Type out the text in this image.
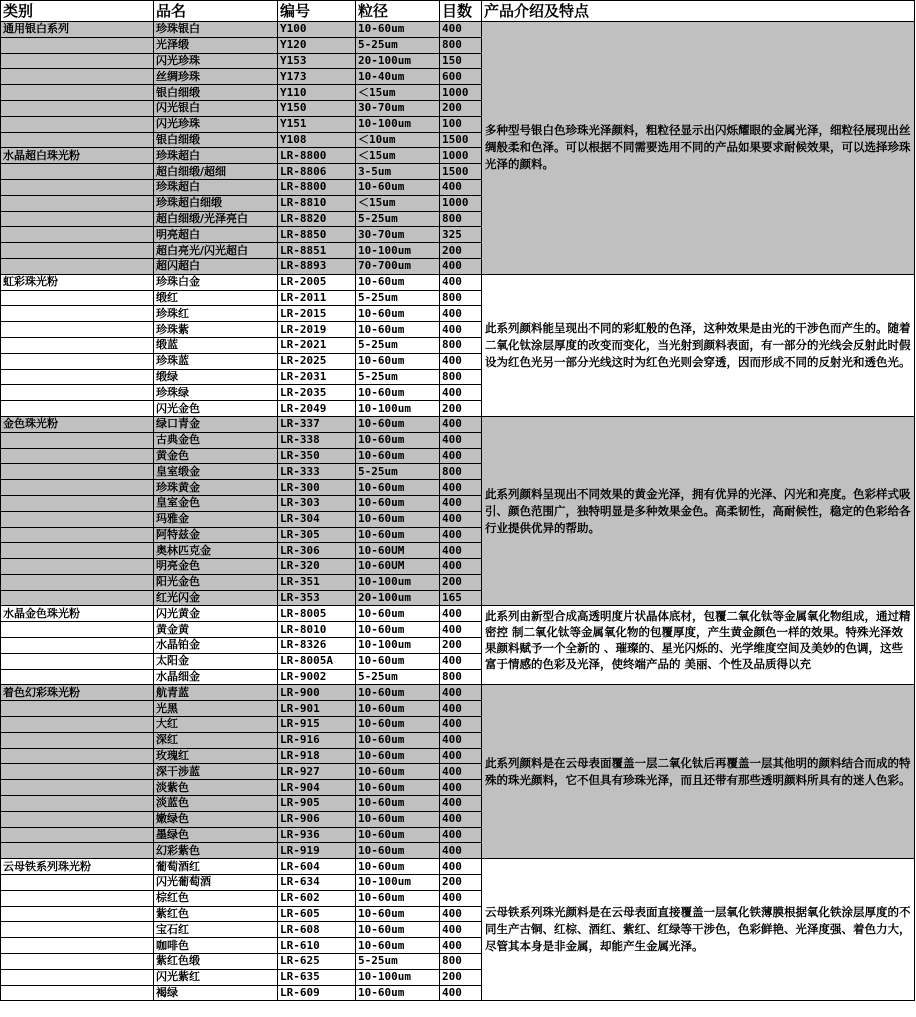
类别	品名	编号	粒径	目数	产品介绍及特点
通用银白系列	珍珠银白	Y100	10-60um	400	多种型号银白色珍珠光泽颜料，粗粒径显示出闪烁耀眼的金属光泽，细粒径展现出丝绸般柔和色泽。可以根据不同需要选用不同的产品如果要求耐候效果，可以选择珍珠光泽的颜料。
	光泽缎	Y120	5-25um	800	
	闪光珍珠	Y153	20-100um	150	
	丝绸珍珠	Y173	10-40um	600	
	银白细缎	Y110	＜15um	1000	
	闪光银白	Y150	30-70um	200	
	闪光珍珠	Y151	10-100um	100	
	银白细缎	Y108	＜10um	1500	
水晶超白珠光粉	珍珠超白	LR-8800	＜15um	1000	
	超白细缎/超细	LR-8806	3-5um	1500	
	珍珠超白	LR-8800	10-60um	400	
	珍珠超白细缎	LR-8810	＜15um	1000	
	超白细缎/光泽亮白	LR-8820	5-25um	800	
	明亮超白	LR-8850	30-70um	325	
	超白亮光/闪光超白	LR-8851	10-100um	200	
	超闪超白	LR-8893	70-700um	400	
虹彩珠光粉	珍珠白金	LR-2005	10-60um	400	此系列颜料能呈现出不同的彩虹般的色泽，这种效果是由光的干涉色而产生的。随着二氧化钛涂层厚度的改变而变化，当光射到颜料表面，有一部分的光线会反射此时假设为红色光另一部分光线这时为红色光则会穿透，因而形成不同的反射光和透色光。
	缎红	LR-2011	5-25um	800	
	珍珠红	LR-2015	10-60um	400	
	珍珠紫	LR-2019	10-60um	400	
	缎蓝	LR-2021	5-25um	800	
	珍珠蓝	LR-2025	10-60um	400	
	缎绿	LR-2031	5-25um	800	
	珍珠绿	LR-2035	10-60um	400	
	闪光金色	LR-2049	10-100um	200	
金色珠光粉	绿口青金	LR-337	10-60um	400	此系列颜料呈现出不同效果的黄金光泽，拥有优异的光泽、闪光和亮度。色彩样式吸引、颜色范围广，独特明显是多种效果金色。高柔韧性，高耐候性，稳定的色彩给各行业提供优异的帮助。
	古典金色	LR-338	10-60um	400	
	黄金色	LR-350	10-60um	400	
	皇室缎金	LR-333	5-25um	800	
	珍珠黄金	LR-300	10-60um	400	
	皇室金色	LR-303	10-60um	400	
	玛雅金	LR-304	10-60um	400	
	阿特兹金	LR-305	10-60um	400	
	奥林匹克金	LR-306	10-60UM	400	
	明亮金色	LR-320	10-60UM	400	
	阳光金色	LR-351	10-100um	200	
	红光闪金	LR-353	20-100um	165	
水晶金色珠光粉	闪光黄金	LR-8005	10-60um	400	此系列由新型合成高透明度片状晶体底材，包覆二氧化钛等金属氧化物组成，通过精密控 制二氧化钛等金属氧化物的包覆厚度，产生黄金颜色一样的效果。特殊光泽效果颜料赋予一个全新的 、璀璨的、星光闪烁的、光学维度空间及美妙的色调，这些富于情感的色彩及光泽，使终端产品的 美丽、个性及品质得以充
	黄金黄	LR-8010	10-60um	400	
	水晶铂金	LR-8326	10-100um	200	
	太阳金	LR-8005A	10-60um	400	
	水晶细金	LR-9002	5-25um	800	
着色幻彩珠光粉	航青蓝	LR-900	10-60um	400	此系列颜料是在云母表面覆盖一层二氧化钛后再覆盖一层其他明的颜料结合而成的特殊的珠光颜料，它不但具有珍珠光泽，而且还带有那些透明颜料所具有的迷人色彩。
	光黑	LR-901	10-60um	400	
	大红	LR-915	10-60um	400	
	深红	LR-916	10-60um	400	
	玫瑰红	LR-918	10-60um	400	
	深干涉蓝	LR-927	10-60um	400	
	淡紫色	LR-904	10-60um	400	
	淡蓝色	LR-905	10-60um	400	
	嫩绿色	LR-906	10-60um	400	
	墨绿色	LR-936	10-60um	400	
	幻彩紫色	LR-919	10-60um	400	
云母铁系列珠光粉	葡萄酒红	LR-604	10-60um	400	云母铁系列珠光颜料是在云母表面直接覆盖一层氧化铁薄膜根据氧化铁涂层厚度的不同生产古铜、红棕、酒红、紫红、红绿等干涉色，色彩鲜艳、光泽度强、着色力大，尽管其本身是非金属，却能产生金属光泽。
	闪光葡萄酒	LR-634	10-100um	200	
	棕红色	LR-602	10-60um	400	
	紫红色	LR-605	10-60um	400	
	宝石红	LR-608	10-60um	400	
	咖啡色	LR-610	10-60um	400	
	紫红色缎	LR-625	5-25um	800	
	闪光紫红	LR-635	10-100um	200	
	褐绿	LR-609	10-60um	400	
